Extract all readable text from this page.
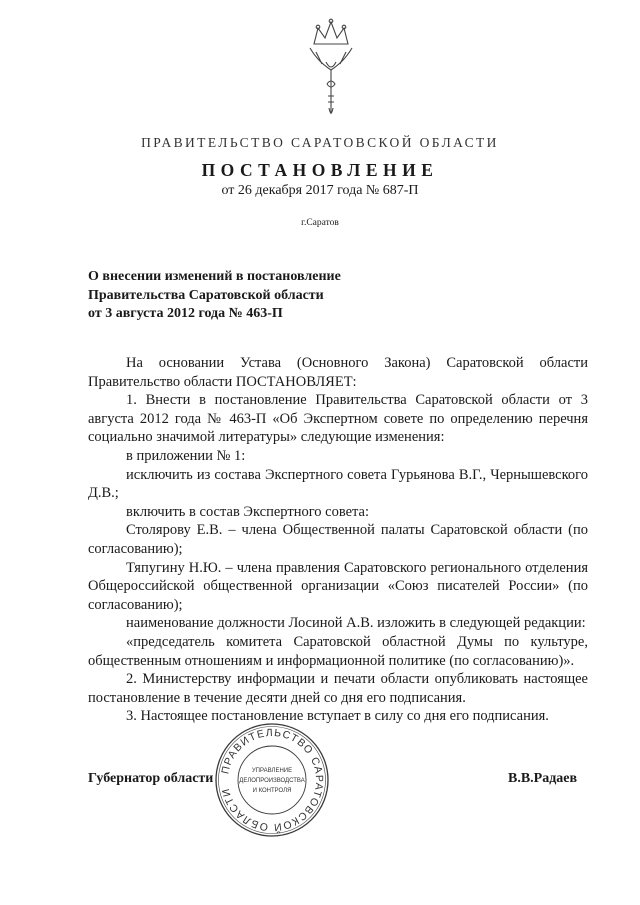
ПРАВИТЕЛЬСТВО САРАТОВСКОЙ ОБЛАСТИ
ПОСТАНОВЛЕНИЕ
от 26 декабря 2017 года № 687-П
г.Саратов
О внесении изменений в постановление
Правительства Саратовской области
от 3 августа 2012 года № 463-П

На основании Устава (Основного Закона) Саратовской области Правительство области ПОСТАНОВЛЯЕТ:

1. Внести в постановление Правительства Саратовской области от 3 августа 2012 года № 463-П «Об Экспертном совете по определению перечня социально значимой литературы» следующие изменения:

в приложении № 1:

исключить из состава Экспертного совета Гурьянова В.Г., Чернышевского Д.В.;

включить в состав Экспертного совета:

Столярову Е.В. – члена Общественной палаты Саратовской области (по согласованию);

Тяпугину Н.Ю. – члена правления Саратовского регионального отделения Общероссийской общественной организации «Союз писателей России» (по согласованию);

наименование должности Лосиной А.В. изложить в следующей редакции:

«председатель комитета Саратовской областной Думы по культуре, общественным отношениям и информационной политике (по согласованию)».

2. Министерству информации и печати области опубликовать настоящее постановление в течение десяти дней со дня его подписания.

3. Настоящее постановление вступает в силу со дня его подписания.

Губернатор области	В.В.Радаев
ПРАВИТЕЛЬСТВО САРАТОВСКОЙ ОБЛАСТИ
УПРАВЛЕНИЕ
ДЕЛОПРОИЗВОДСТВА
И КОНТРОЛЯ
